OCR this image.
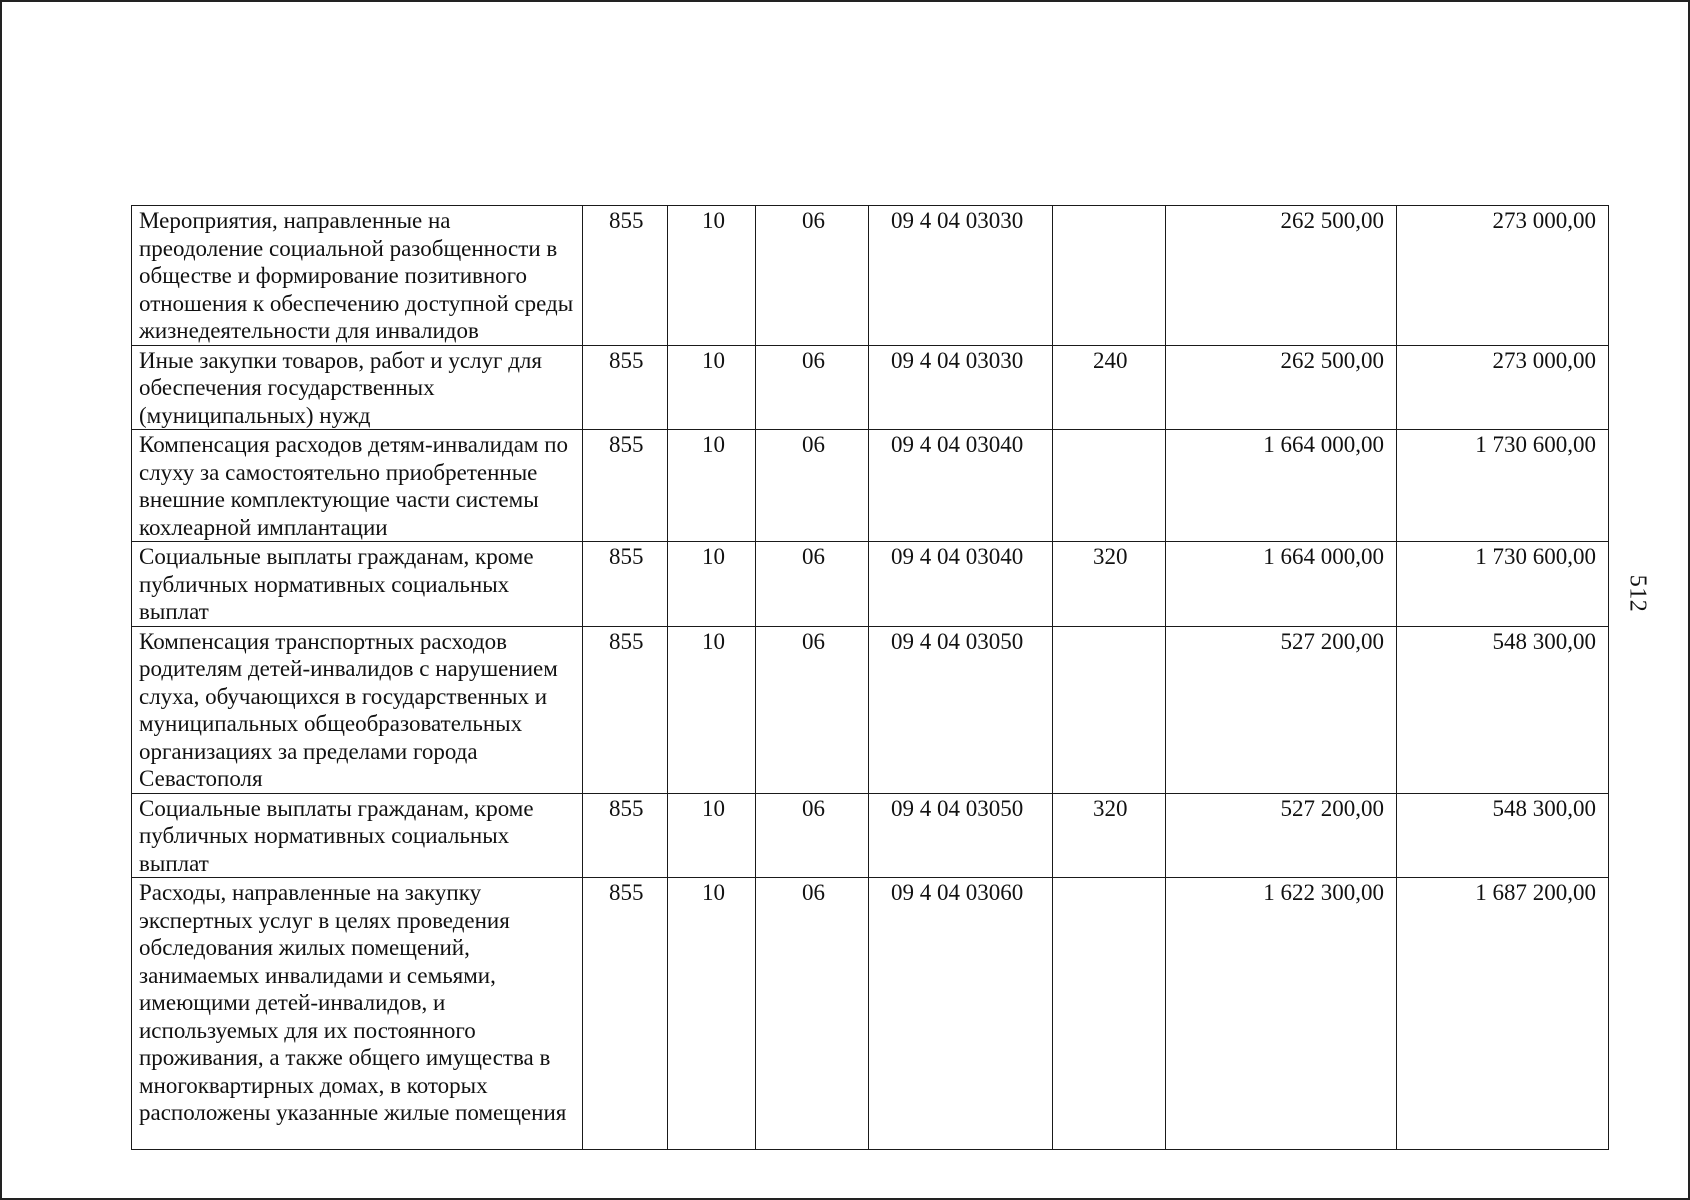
Мероприятия, направленные на преодоление социальной разобщенности в обществе и формирование позитивного отношения к обеспечению доступной среды жизнедеятельности для инвалидов	855	10	06	09 4 04 03030		262 500,00	273 000,00
Иные закупки товаров, работ и услуг для обеспечения государственных (муниципальных) нужд	855	10	06	09 4 04 03030	240	262 500,00	273 000,00
Компенсация расходов детям-инвалидам по слуху за самостоятельно приобретенные внешние комплектующие части системы кохлеарной имплантации	855	10	06	09 4 04 03040		1 664 000,00	1 730 600,00
Социальные выплаты гражданам, кроме публичных нормативных социальных выплат	855	10	06	09 4 04 03040	320	1 664 000,00	1 730 600,00
Компенсация транспортных расходов родителям детей-инвалидов с нарушением слуха, обучающихся в государственных и муниципальных общеобразовательных организациях за пределами города Севастополя	855	10	06	09 4 04 03050		527 200,00	548 300,00
Социальные выплаты гражданам, кроме публичных нормативных социальных выплат	855	10	06	09 4 04 03050	320	527 200,00	548 300,00
Расходы, направленные на закупку экспертных услуг в целях проведения обследования жилых помещений, занимаемых инвалидами и семьями, имеющими детей-инвалидов, и используемых для их постоянного проживания, а также общего имущества в многоквартирных домах, в которых расположены указанные жилые помещения	855	10	06	09 4 04 03060		1 622 300,00	1 687 200,00
512
